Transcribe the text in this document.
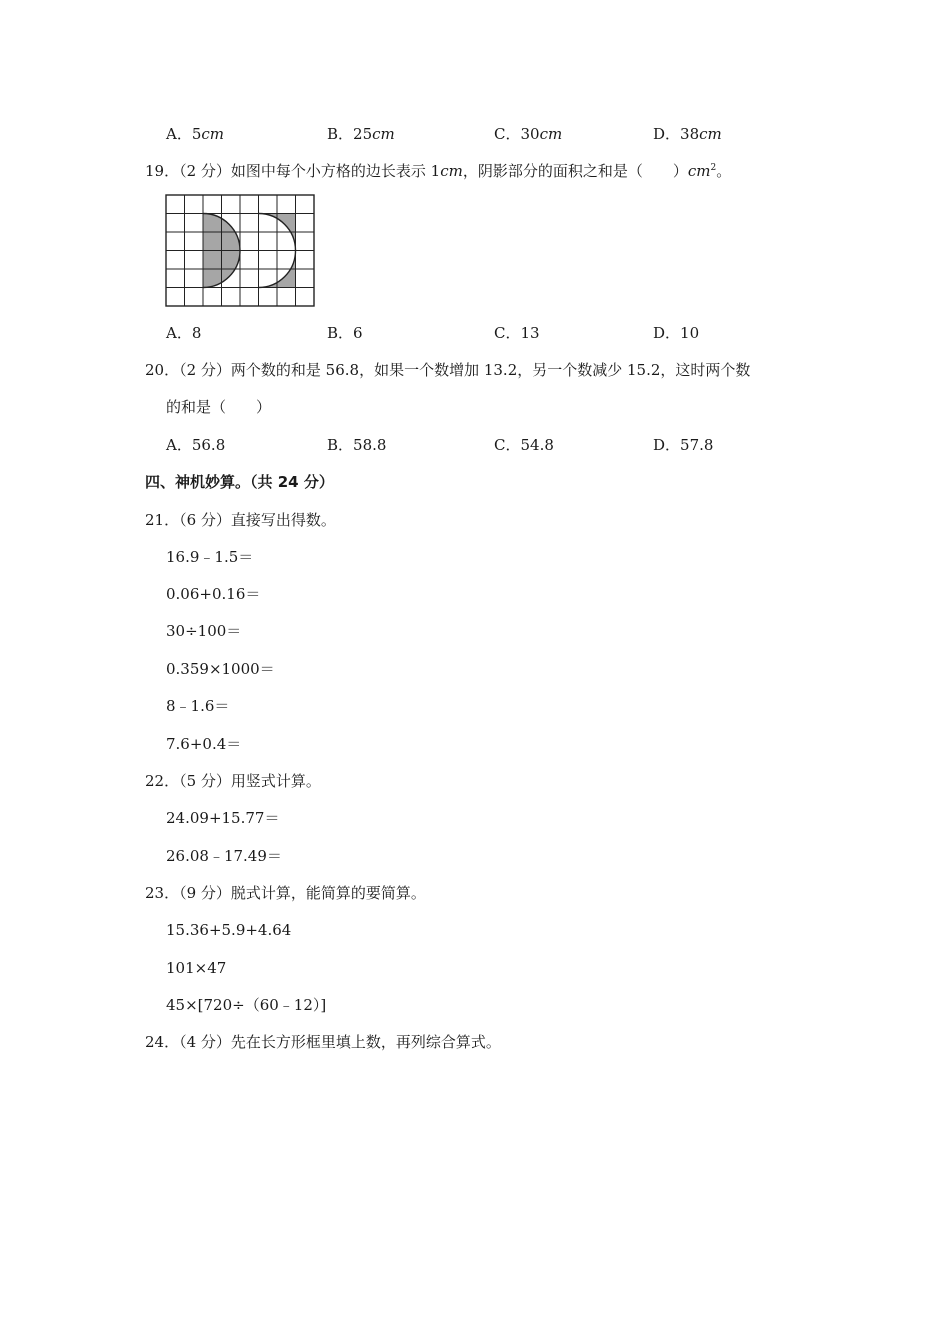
A．5cm	B．25cm	C．30cm	D．38cm
19．（2 分）如图中每个小方格的边长表示 1cm，阴影部分的面积之和是（　　）$cm^2$。
A．8	B．6	C．13	D．10
20．（2 分）两个数的和是 56.8，如果一个数增加 13.2，另一个数减少 15.2，这时两个数
的和是（　　）
A．56.8	B．58.8	C．54.8	D．57.8
四、神机妙算。（共 24 分）
21．（6 分）直接写出得数。
16.9﹣1.5＝
0.06+0.16＝
30÷100＝
0.359×1000＝
8﹣1.6＝
7.6+0.4＝
22．（5 分）用竖式计算。
24.09+15.77＝
26.08﹣17.49＝
23．（9 分）脱式计算，能简算的要简算。
15.36+5.9+4.64
101×47
45×[720÷（60﹣12）]
24．（4 分）先在长方形框里填上数，再列综合算式。
